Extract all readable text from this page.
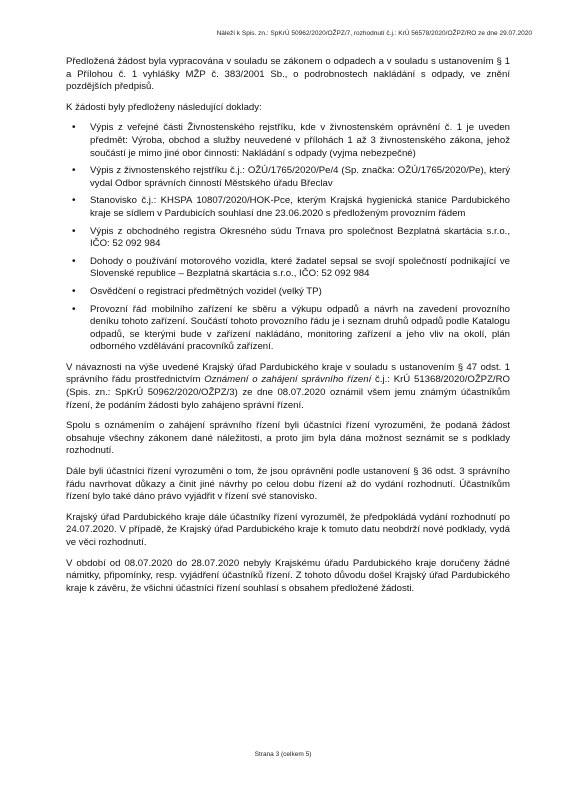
Náleží k Spis. zn.: SpKrÚ 50962/2020/OŽPZ/7, rozhodnutí č.j.: KrÚ 56578/2020/OŽPZ/RO ze dne 29.07.2020

Předložená žádost byla vypracována v souladu se zákonem o odpadech a v souladu s ustanovením § 1 a Přílohou č. 1 vyhlášky MŽP č. 383/2001 Sb., o podrobnostech nakládání s odpady, ve znění pozdějších předpisů.

K žádosti byly předloženy následující doklady:

• Výpis z veřejné části Živnostenského rejstříku, kde v živnostenském oprávnění č. 1 je uveden předmět: Výroba, obchod a služby neuvedené v přílohách 1 až 3 živnostenského zákona, jehož součástí je mimo jiné obor činnosti: Nakládání s odpady (vyjma nebezpečné)
• Výpis z živnostenského rejstříku č.j.: OŽÚ/1765/2020/Pe/4 (Sp. značka: OŽÚ/1765/2020/Pe), který vydal Odbor správních činností Městského úřadu Břeclav
• Stanovisko č.j.: KHSPA 10807/2020/HOK-Pce, kterým Krajská hygienická stanice Pardubického kraje se sídlem v Pardubicích souhlasí dne 23.06.2020 s předloženým provozním řádem
• Výpis z obchodného registra Okresného súdu Trnava pro společnost Bezplatná skartácia s.r.o., IČO: 52 092 984
• Dohody o používání motorového vozidla, které žadatel sepsal se svojí společností podnikající ve Slovenské republice – Bezplatná skartácia s.r.o., IČO: 52 092 984
• Osvědčení o registraci předmětných vozidel (velký TP)
• Provozní řád mobilního zařízení ke sběru a výkupu odpadů a návrh na zavedení provozního deníku tohoto zařízení. Součástí tohoto provozního řádu je i seznam druhů odpadů podle Katalogu odpadů, se kterými bude v zařízení nakládáno, monitoring zařízení a jeho vliv na okolí, plán odborného vzdělávání pracovníků zařízení.

V návaznosti na výše uvedené Krajský úřad Pardubického kraje v souladu s ustanovením § 47 odst. 1 správního řádu prostřednictvím Oznámení o zahájení správního řízení č.j.: KrÚ 51368/2020/OŽPZ/RO (Spis. zn.: SpKrÚ 50962/2020/OŽPZ/3) ze dne 08.07.2020 oznámil všem jemu známým účastníkům řízení, že podáním žádosti bylo zahájeno správní řízení.

Spolu s oznámením o zahájení správního řízení byli účastníci řízení vyrozuměni, že podaná žádost obsahuje všechny zákonem dané náležitosti, a proto jim byla dána možnost seznámit se s podklady rozhodnutí.

Dále byli účastníci řízení vyrozuměni o tom, že jsou oprávněni podle ustanovení § 36 odst. 3 správního řádu navrhovat důkazy a činit jiné návrhy po celou dobu řízení až do vydání rozhodnutí. Účastníkům řízení bylo také dáno právo vyjádřit v řízení své stanovisko.

Krajský úřad Pardubického kraje dále účastníky řízení vyrozuměl, že předpokládá vydání rozhodnutí po 24.07.2020. V případě, že Krajský úřad Pardubického kraje k tomuto datu neobdrží nové podklady, vydá ve věci rozhodnutí.

V období od 08.07.2020 do 28.07.2020 nebyly Krajskému úřadu Pardubického kraje doručeny žádné námitky, připomínky, resp. vyjádření účastníků řízení. Z tohoto důvodu došel Krajský úřad Pardubického kraje k závěru, že všichni účastníci řízení souhlasí s obsahem předložené žádosti.

Strana 3 (celkem 5)
